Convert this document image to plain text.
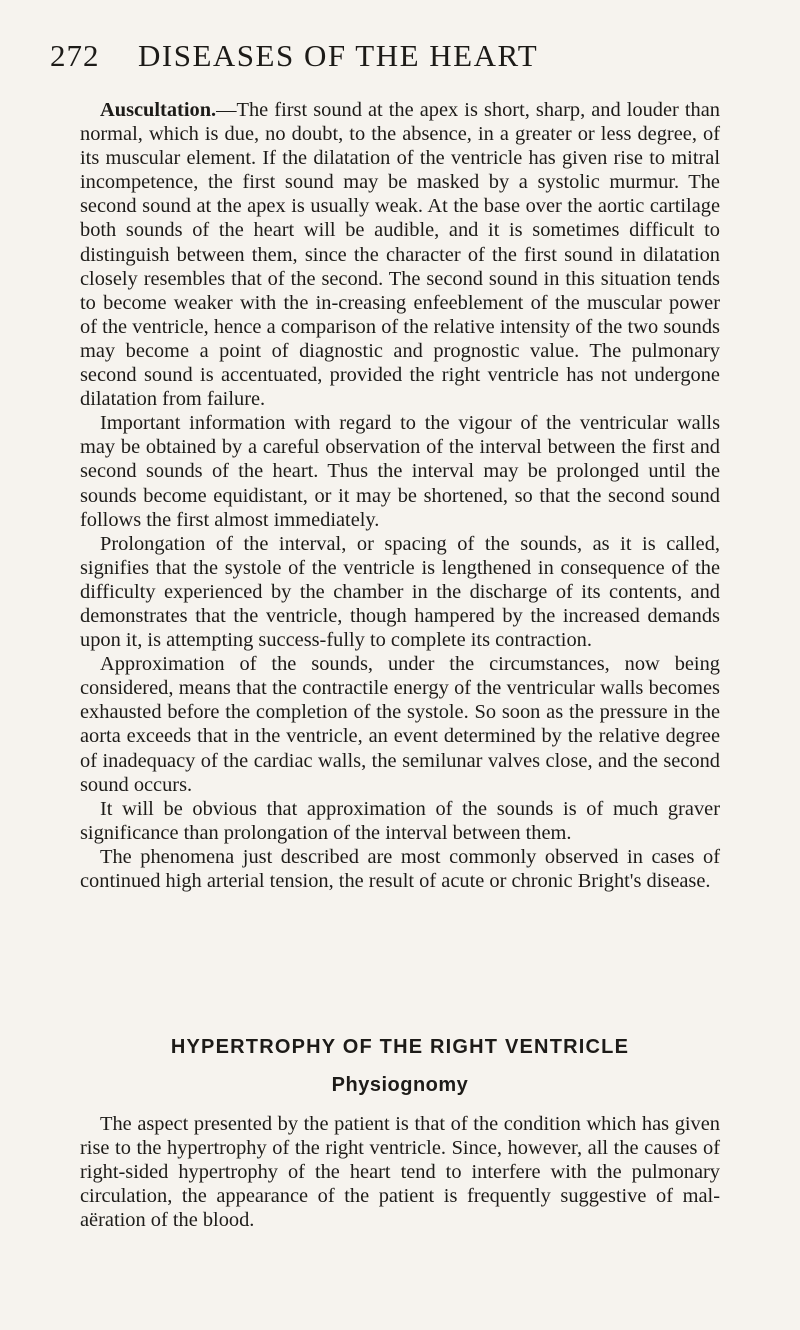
272 DISEASES OF THE HEART

Auscultation.—The first sound at the apex is short, sharp, and louder than normal, which is due, no doubt, to the absence, in a greater or less degree, of its muscular element. If the dilatation of the ventricle has given rise to mitral incompetence, the first sound may be masked by a systolic murmur. The second sound at the apex is usually weak. At the base over the aortic cartilage both sounds of the heart will be audible, and it is sometimes difficult to distinguish between them, since the character of the first sound in dilatation closely resembles that of the second. The second sound in this situation tends to become weaker with the in-creasing enfeeblement of the muscular power of the ventricle, hence a comparison of the relative intensity of the two sounds may become a point of diagnostic and prognostic value. The pulmonary second sound is accentuated, provided the right ventricle has not undergone dilatation from failure.

Important information with regard to the vigour of the ventricular walls may be obtained by a careful observation of the interval between the first and second sounds of the heart. Thus the interval may be prolonged until the sounds become equidistant, or it may be shortened, so that the second sound follows the first almost immediately.

Prolongation of the interval, or spacing of the sounds, as it is called, signifies that the systole of the ventricle is lengthened in consequence of the difficulty experienced by the chamber in the discharge of its contents, and demonstrates that the ventricle, though hampered by the increased demands upon it, is attempting success-fully to complete its contraction.

Approximation of the sounds, under the circumstances, now being considered, means that the contractile energy of the ventricular walls becomes exhausted before the completion of the systole. So soon as the pressure in the aorta exceeds that in the ventricle, an event determined by the relative degree of inadequacy of the cardiac walls, the semilunar valves close, and the second sound occurs.

It will be obvious that approximation of the sounds is of much graver significance than prolongation of the interval between them.

The phenomena just described are most commonly observed in cases of continued high arterial tension, the result of acute or chronic Bright's disease.

HYPERTROPHY OF THE RIGHT VENTRICLE
Physiognomy

The aspect presented by the patient is that of the condition which has given rise to the hypertrophy of the right ventricle. Since, however, all the causes of right-sided hypertrophy of the heart tend to interfere with the pulmonary circulation, the appearance of the patient is frequently suggestive of mal-aëration of the blood.
